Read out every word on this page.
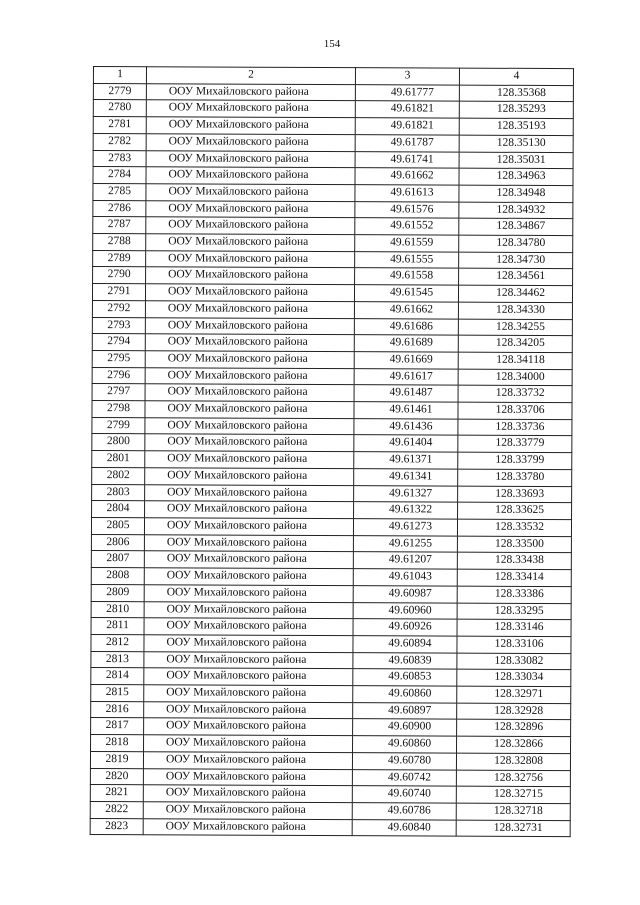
154
1	2	3	4
2779	ООУ Михайловского района	49.61777	128.35368
2780	ООУ Михайловского района	49.61821	128.35293
2781	ООУ Михайловского района	49.61821	128.35193
2782	ООУ Михайловского района	49.61787	128.35130
2783	ООУ Михайловского района	49.61741	128.35031
2784	ООУ Михайловского района	49.61662	128.34963
2785	ООУ Михайловского района	49.61613	128.34948
2786	ООУ Михайловского района	49.61576	128.34932
2787	ООУ Михайловского района	49.61552	128.34867
2788	ООУ Михайловского района	49.61559	128.34780
2789	ООУ Михайловского района	49.61555	128.34730
2790	ООУ Михайловского района	49.61558	128.34561
2791	ООУ Михайловского района	49.61545	128.34462
2792	ООУ Михайловского района	49.61662	128.34330
2793	ООУ Михайловского района	49.61686	128.34255
2794	ООУ Михайловского района	49.61689	128.34205
2795	ООУ Михайловского района	49.61669	128.34118
2796	ООУ Михайловского района	49.61617	128.34000
2797	ООУ Михайловского района	49.61487	128.33732
2798	ООУ Михайловского района	49.61461	128.33706
2799	ООУ Михайловского района	49.61436	128.33736
2800	ООУ Михайловского района	49.61404	128.33779
2801	ООУ Михайловского района	49.61371	128.33799
2802	ООУ Михайловского района	49.61341	128.33780
2803	ООУ Михайловского района	49.61327	128.33693
2804	ООУ Михайловского района	49.61322	128.33625
2805	ООУ Михайловского района	49.61273	128.33532
2806	ООУ Михайловского района	49.61255	128.33500
2807	ООУ Михайловского района	49.61207	128.33438
2808	ООУ Михайловского района	49.61043	128.33414
2809	ООУ Михайловского района	49.60987	128.33386
2810	ООУ Михайловского района	49.60960	128.33295
2811	ООУ Михайловского района	49.60926	128.33146
2812	ООУ Михайловского района	49.60894	128.33106
2813	ООУ Михайловского района	49.60839	128.33082
2814	ООУ Михайловского района	49.60853	128.33034
2815	ООУ Михайловского района	49.60860	128.32971
2816	ООУ Михайловского района	49.60897	128.32928
2817	ООУ Михайловского района	49.60900	128.32896
2818	ООУ Михайловского района	49.60860	128.32866
2819	ООУ Михайловского района	49.60780	128.32808
2820	ООУ Михайловского района	49.60742	128.32756
2821	ООУ Михайловского района	49.60740	128.32715
2822	ООУ Михайловского района	49.60786	128.32718
2823	ООУ Михайловского района	49.60840	128.32731
